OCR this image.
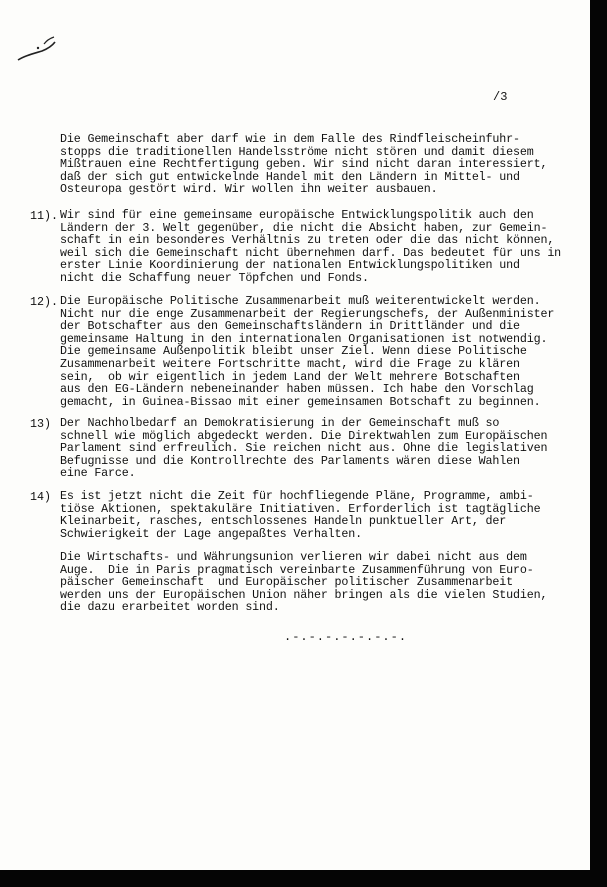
/3
Die Gemeinschaft aber darf wie in dem Falle des Rindfleischeinfuhr-
stopps die traditionellen Handelsströme nicht stören und damit diesem
Mißtrauen eine Rechtfertigung geben. Wir sind nicht daran interessiert,
daß der sich gut entwickelnde Handel mit den Ländern in Mittel- und
Osteuropa gestört wird. Wir wollen ihn weiter ausbauen.
11). Wir sind für eine gemeinsame europäische Entwicklungspolitik auch den
Ländern der 3. Welt gegenüber, die nicht die Absicht haben, zur Gemein-
schaft in ein besonderes Verhältnis zu treten oder die das nicht können,
weil sich die Gemeinschaft nicht übernehmen darf. Das bedeutet für uns in
erster Linie Koordinierung der nationalen Entwicklungspolitiken und
nicht die Schaffung neuer Töpfchen und Fonds.
12). Die Europäische Politische Zusammenarbeit muß weiterentwickelt werden.
Nicht nur die enge Zusammenarbeit der Regierungschefs, der Außenminister
der Botschafter aus den Gemeinschaftsländern in Drittländer und die
gemeinsame Haltung in den internationalen Organisationen ist notwendig.
Die gemeinsame Außenpolitik bleibt unser Ziel. Wenn diese Politische
Zusammenarbeit weitere Fortschritte macht, wird die Frage zu klären
sein,  ob wir eigentlich in jedem Land der Welt mehrere Botschaften
aus den EG-Ländern nebeneinander haben müssen. Ich habe den Vorschlag
gemacht, in Guinea-Bissao mit einer gemeinsamen Botschaft zu beginnen.
13) Der Nachholbedarf an Demokratisierung in der Gemeinschaft muß so
schnell wie möglich abgedeckt werden. Die Direktwahlen zum Europäischen
Parlament sind erfreulich. Sie reichen nicht aus. Ohne die legislativen
Befugnisse und die Kontrollrechte des Parlaments wären diese Wahlen
eine Farce.
14) Es ist jetzt nicht die Zeit für hochfliegende Pläne, Programme, ambi-
tiöse Aktionen, spektakuläre Initiativen. Erforderlich ist tagtägliche
Kleinarbeit, rasches, entschlossenes Handeln punktueller Art, der
Schwierigkeit der Lage angepaßtes Verhalten.
Die Wirtschafts- und Währungsunion verlieren wir dabei nicht aus dem
Auge.  Die in Paris pragmatisch vereinbarte Zusammenführung von Euro-
päischer Gemeinschaft  und Europäischer politischer Zusammenarbeit
werden uns der Europäischen Union näher bringen als die vielen Studien,
die dazu erarbeitet worden sind.
.-.-.-.-.-.-.-.
